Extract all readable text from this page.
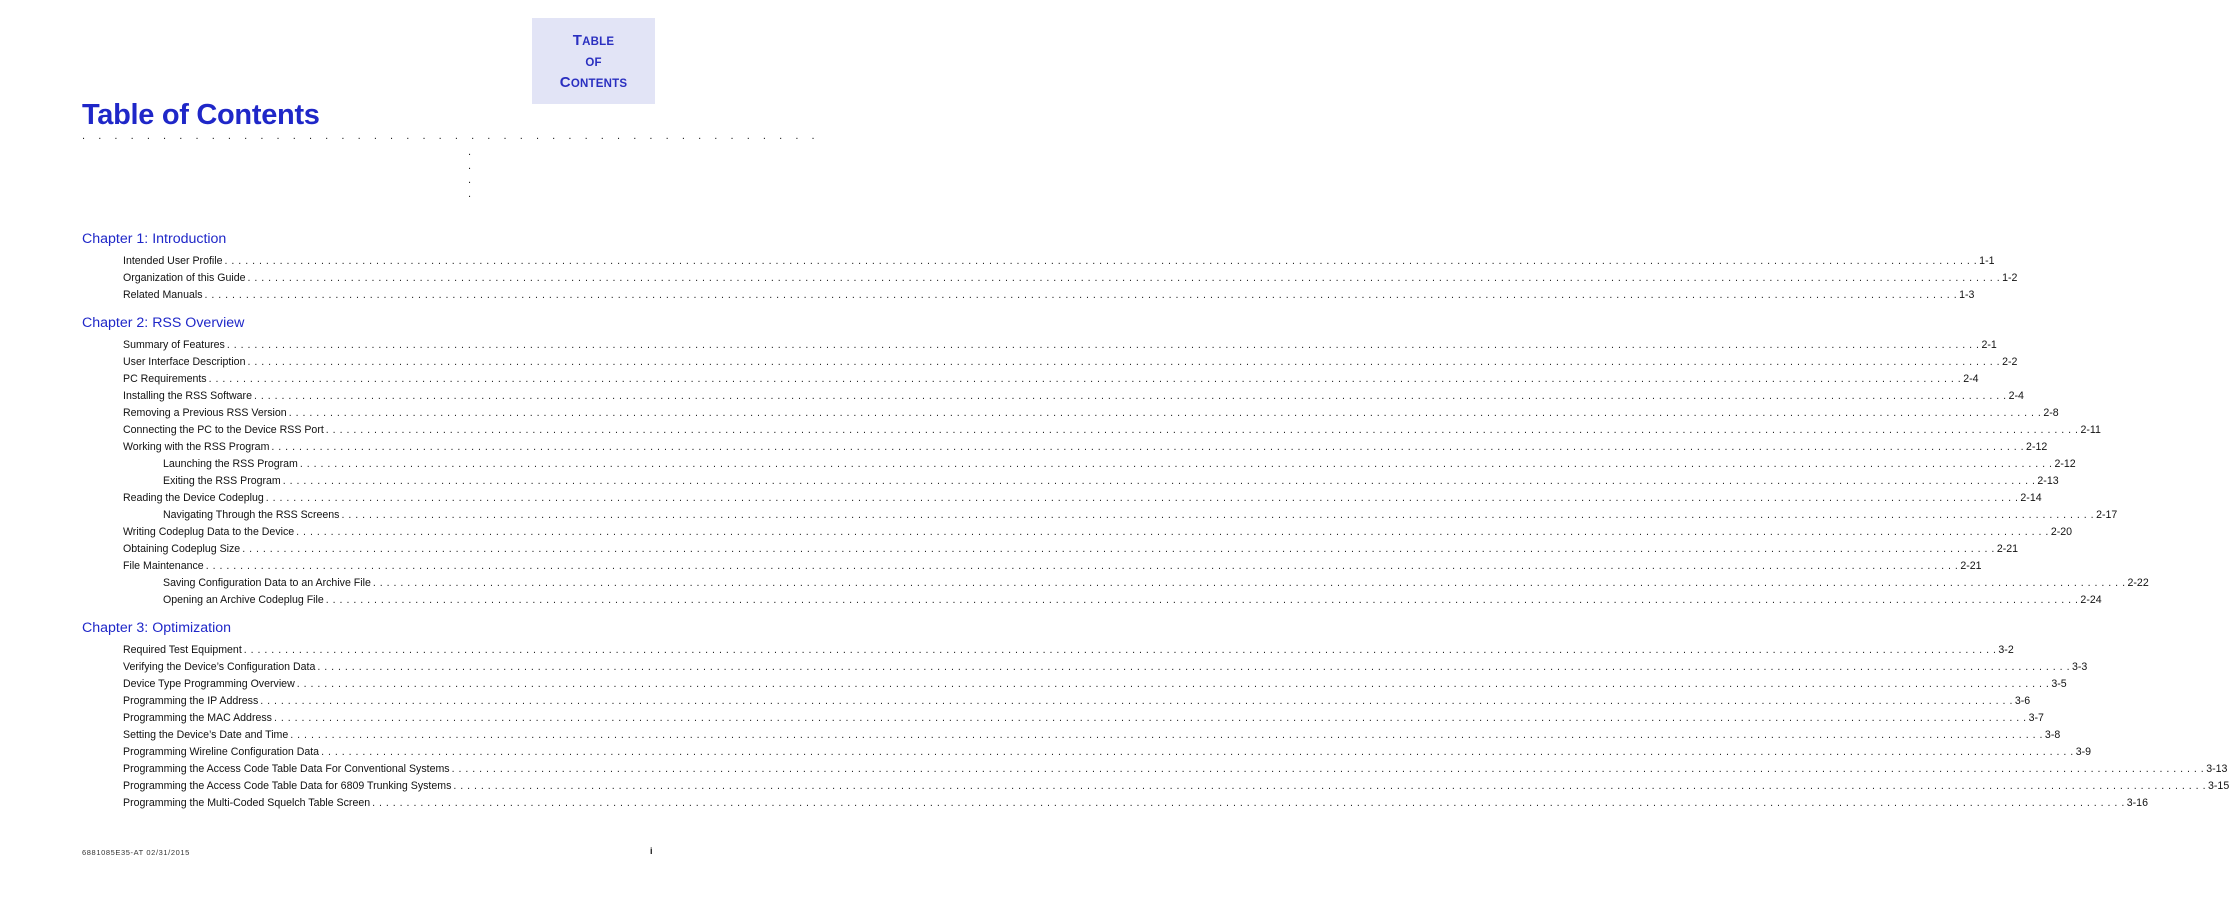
TABLE
OF
CONTENTS
Table of Contents
. . . . . . . . . . . . . . . . . . . . . . . . . . . . . . . . . . . . . . . . . . . . . .
.
.
.
.
Chapter 1: Introduction
Intended User Profile . . .	1-1
Organization of this Guide . . .	1-2
Related Manuals . . .	1-3
Chapter 2: RSS Overview
Summary of Features . . .	2-1
User Interface Description . . .	2-2
PC Requirements . . .	2-4
Installing the RSS Software . . .	2-4
Removing a Previous RSS Version . . .	2-8
Connecting the PC to the Device RSS Port . . .	2-11
Working with the RSS Program . . .	2-12
Launching the RSS Program . . .	2-12
Exiting the RSS Program . . .	2-13
Reading the Device Codeplug . . .	2-14
Navigating Through the RSS Screens . . .	2-17
Writing Codeplug Data to the Device . . .	2-20
Obtaining Codeplug Size . . .	2-21
File Maintenance . . .	2-21
Saving Configuration Data to an Archive File . . .	2-22
Opening an Archive Codeplug File . . .	2-24
Chapter 3: Optimization
Required Test Equipment . . .	3-2
Verifying the Device’s Configuration Data . . .	3-3
Device Type Programming Overview . . .	3-5
Programming the IP Address . . .	3-6
Programming the MAC Address . . .	3-7
Setting the Device’s Date and Time . . .	3-8
Programming Wireline Configuration Data . . .	3-9
Programming the Access Code Table Data For Conventional Systems . . .	3-13
Programming the Access Code Table Data for 6809 Trunking Systems . . .	3-15
Programming the Multi-Coded Squelch Table Screen . . .	3-16
6881085E35-AT 02/31/2015	i
